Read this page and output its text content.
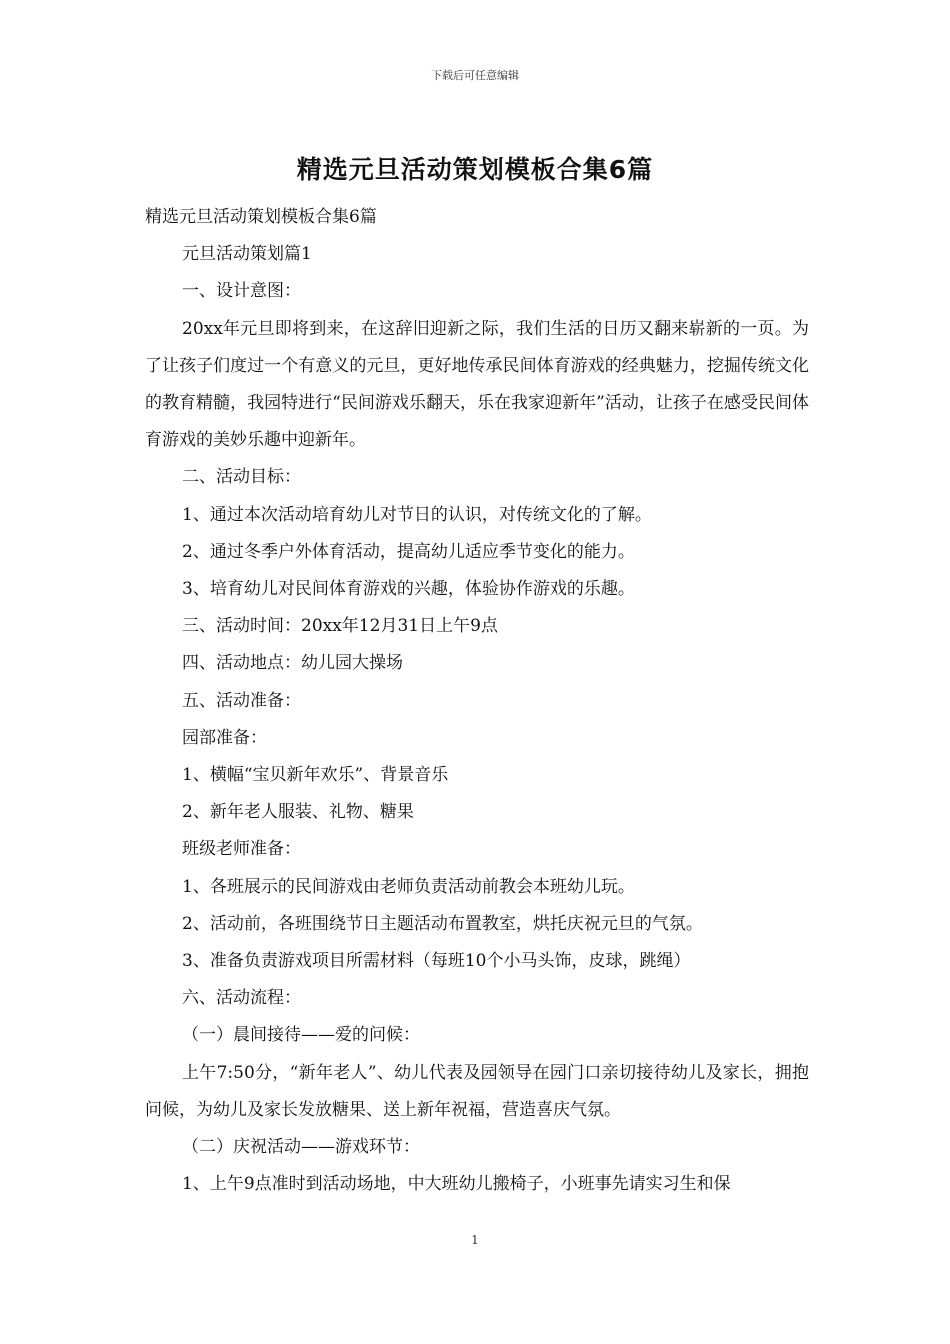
下载后可任意编辑
精选元旦活动策划模板合集6篇

精选元旦活动策划模板合集6篇

元旦活动策划篇1

一、设计意图：

20xx年元旦即将到来，在这辞旧迎新之际，我们生活的日历又翻来崭新的一页。为了让孩子们度过一个有意义的元旦，更好地传承民间体育游戏的经典魅力，挖掘传统文化的教育精髓，我园特进行“民间游戏乐翻天，乐在我家迎新年”活动，让孩子在感受民间体育游戏的美妙乐趣中迎新年。

二、活动目标：

1、通过本次活动培育幼儿对节日的认识，对传统文化的了解。

2、通过冬季户外体育活动，提高幼儿适应季节变化的能力。

3、培育幼儿对民间体育游戏的兴趣，体验协作游戏的乐趣。

三、活动时间：20xx年12月31日上午9点

四、活动地点：幼儿园大操场

五、活动准备：

园部准备：

1、横幅“宝贝新年欢乐”、背景音乐

2、新年老人服装、礼物、糖果

班级老师准备：

1、各班展示的民间游戏由老师负责活动前教会本班幼儿玩。

2、活动前，各班围绕节日主题活动布置教室，烘托庆祝元旦的气氛。

3、准备负责游戏项目所需材料（每班10个小马头饰，皮球，跳绳）

六、活动流程：

（一）晨间接待——爱的问候：

上午7:50分，“新年老人”、幼儿代表及园领导在园门口亲切接待幼儿及家长，拥抱问候，为幼儿及家长发放糖果、送上新年祝福，营造喜庆气氛。

（二）庆祝活动——游戏环节：

1、上午9点准时到活动场地，中大班幼儿搬椅子，小班事先请实习生和保

1
